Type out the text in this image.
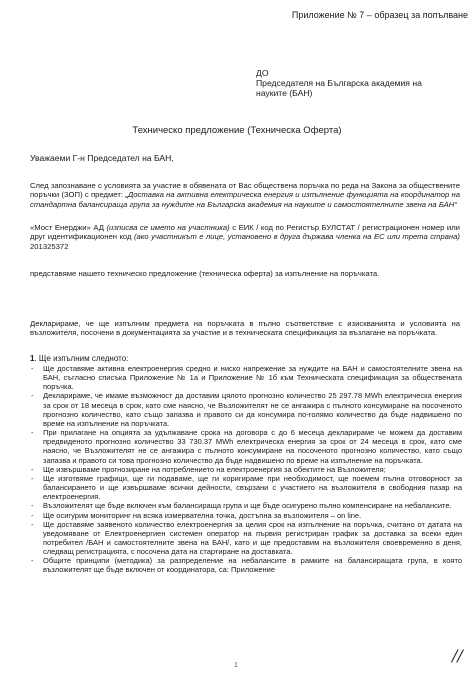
Приложение № 7 – образец за попълване
ДО
Председателя на Българска академия на
науките (БАН)
Техническо предложение (Техническа Оферта)
Уважаеми Г-н Председател на БАН,
След запознаване с условията за участие в обявената от Вас обществена поръчка по реда на Закона за обществените поръчки (ЗОП) с предмет: „Доставка на активна електрическа енергия и изпълнение функцията на координатор на стандартна балансираща група за нуждите на Българска академия на науките и самостоятелните звена на БАН“
«Мост Енерджи» АД (изписва се името на участника) с ЕИК / код по Регистър БУЛСТАТ / регистрационен номер или друг идентификационен код (ако участникът е лице, установено в друга държава членка на ЕС или трета страна) 201325372
представяме нашето техническо предложение (техническа оферта) за изпълнение на поръчката.
Декларираме, че ще изпълним предмета на поръчката в пълно съответствие с изискванията и условията на възложителя, посочени в документацията за участие и в техническата спецификация за възлагане на поръчката.
1. Ще изпълним следното:
- Ще доставяме активна електроенергия средно и ниско напрежение за нуждите на БАН и самостоятелните звена на БАН, съгласно списъка Приложение № 1а и Приложение № 1б към Техническата спецификация за обществената поръчка.
- Декларираме, че имаме възможност да доставим цялото прогнозно количество 25 297.78 MWh електрическа енергия за срок от 18 месеца в срок, като сме наясно, че Възложителят не се ангажира с пълното консумиране на посоченото прогнозно количество, като също запазва и правото си да консумира по-голямо количество да бъде надвишено по време на изпълнение на поръчката.
- При прилагане на опцията за удължаване срока на договора с до 6 месеца декларираме че можем да доставим предвиденото прогнозно количество 33 730.37 MWh електрическа енергия за срок от 24 месеца в срок, като сме наясно, че Възложителят не се ангажира с пълното консумиране на посоченото прогнозно количество, като също запазва и правото си това прогнозно количество да бъде надвишено по време на изпълнение на поръчката.
- Ще извършваме прогнозиране на потреблението на електроенергия за обектите на Възложителя;
- Ще изготвяме графици, ще ги подаваме, ще ги коригираме при необходимост, ще поемем пълна отговорност за балансирането и ще извършваме всички дейности, свързани с участието на възложителя в свободния пазар на електроенергия.
- Възложителят ще бъде включен към балансираща група и ще бъде осигурено пълно компенсиране на небалансите.
- Ще осигурим мониторинг на всяка измервателна точка, достъпна за възложителя – on line.
- Ще доставяме заявеното количество електроенергия за целия срок на изпълнение на поръчка, считано от датата на уведомяване от Електроенергиен системен оператор на първия регистриран график за доставка за всеки един потребител /БАН и самостоятелните звена на БАН/, като и ще предоставим на възложителя своевременно в деня, следващ регистрацията, с посочена дата на стартиране на доставката.
- Общите принципи (методика) за разпределение на небалансите в рамките на балансиращата група, в която възложителят ще бъде включен от координатора, са: Приложение
//
1
